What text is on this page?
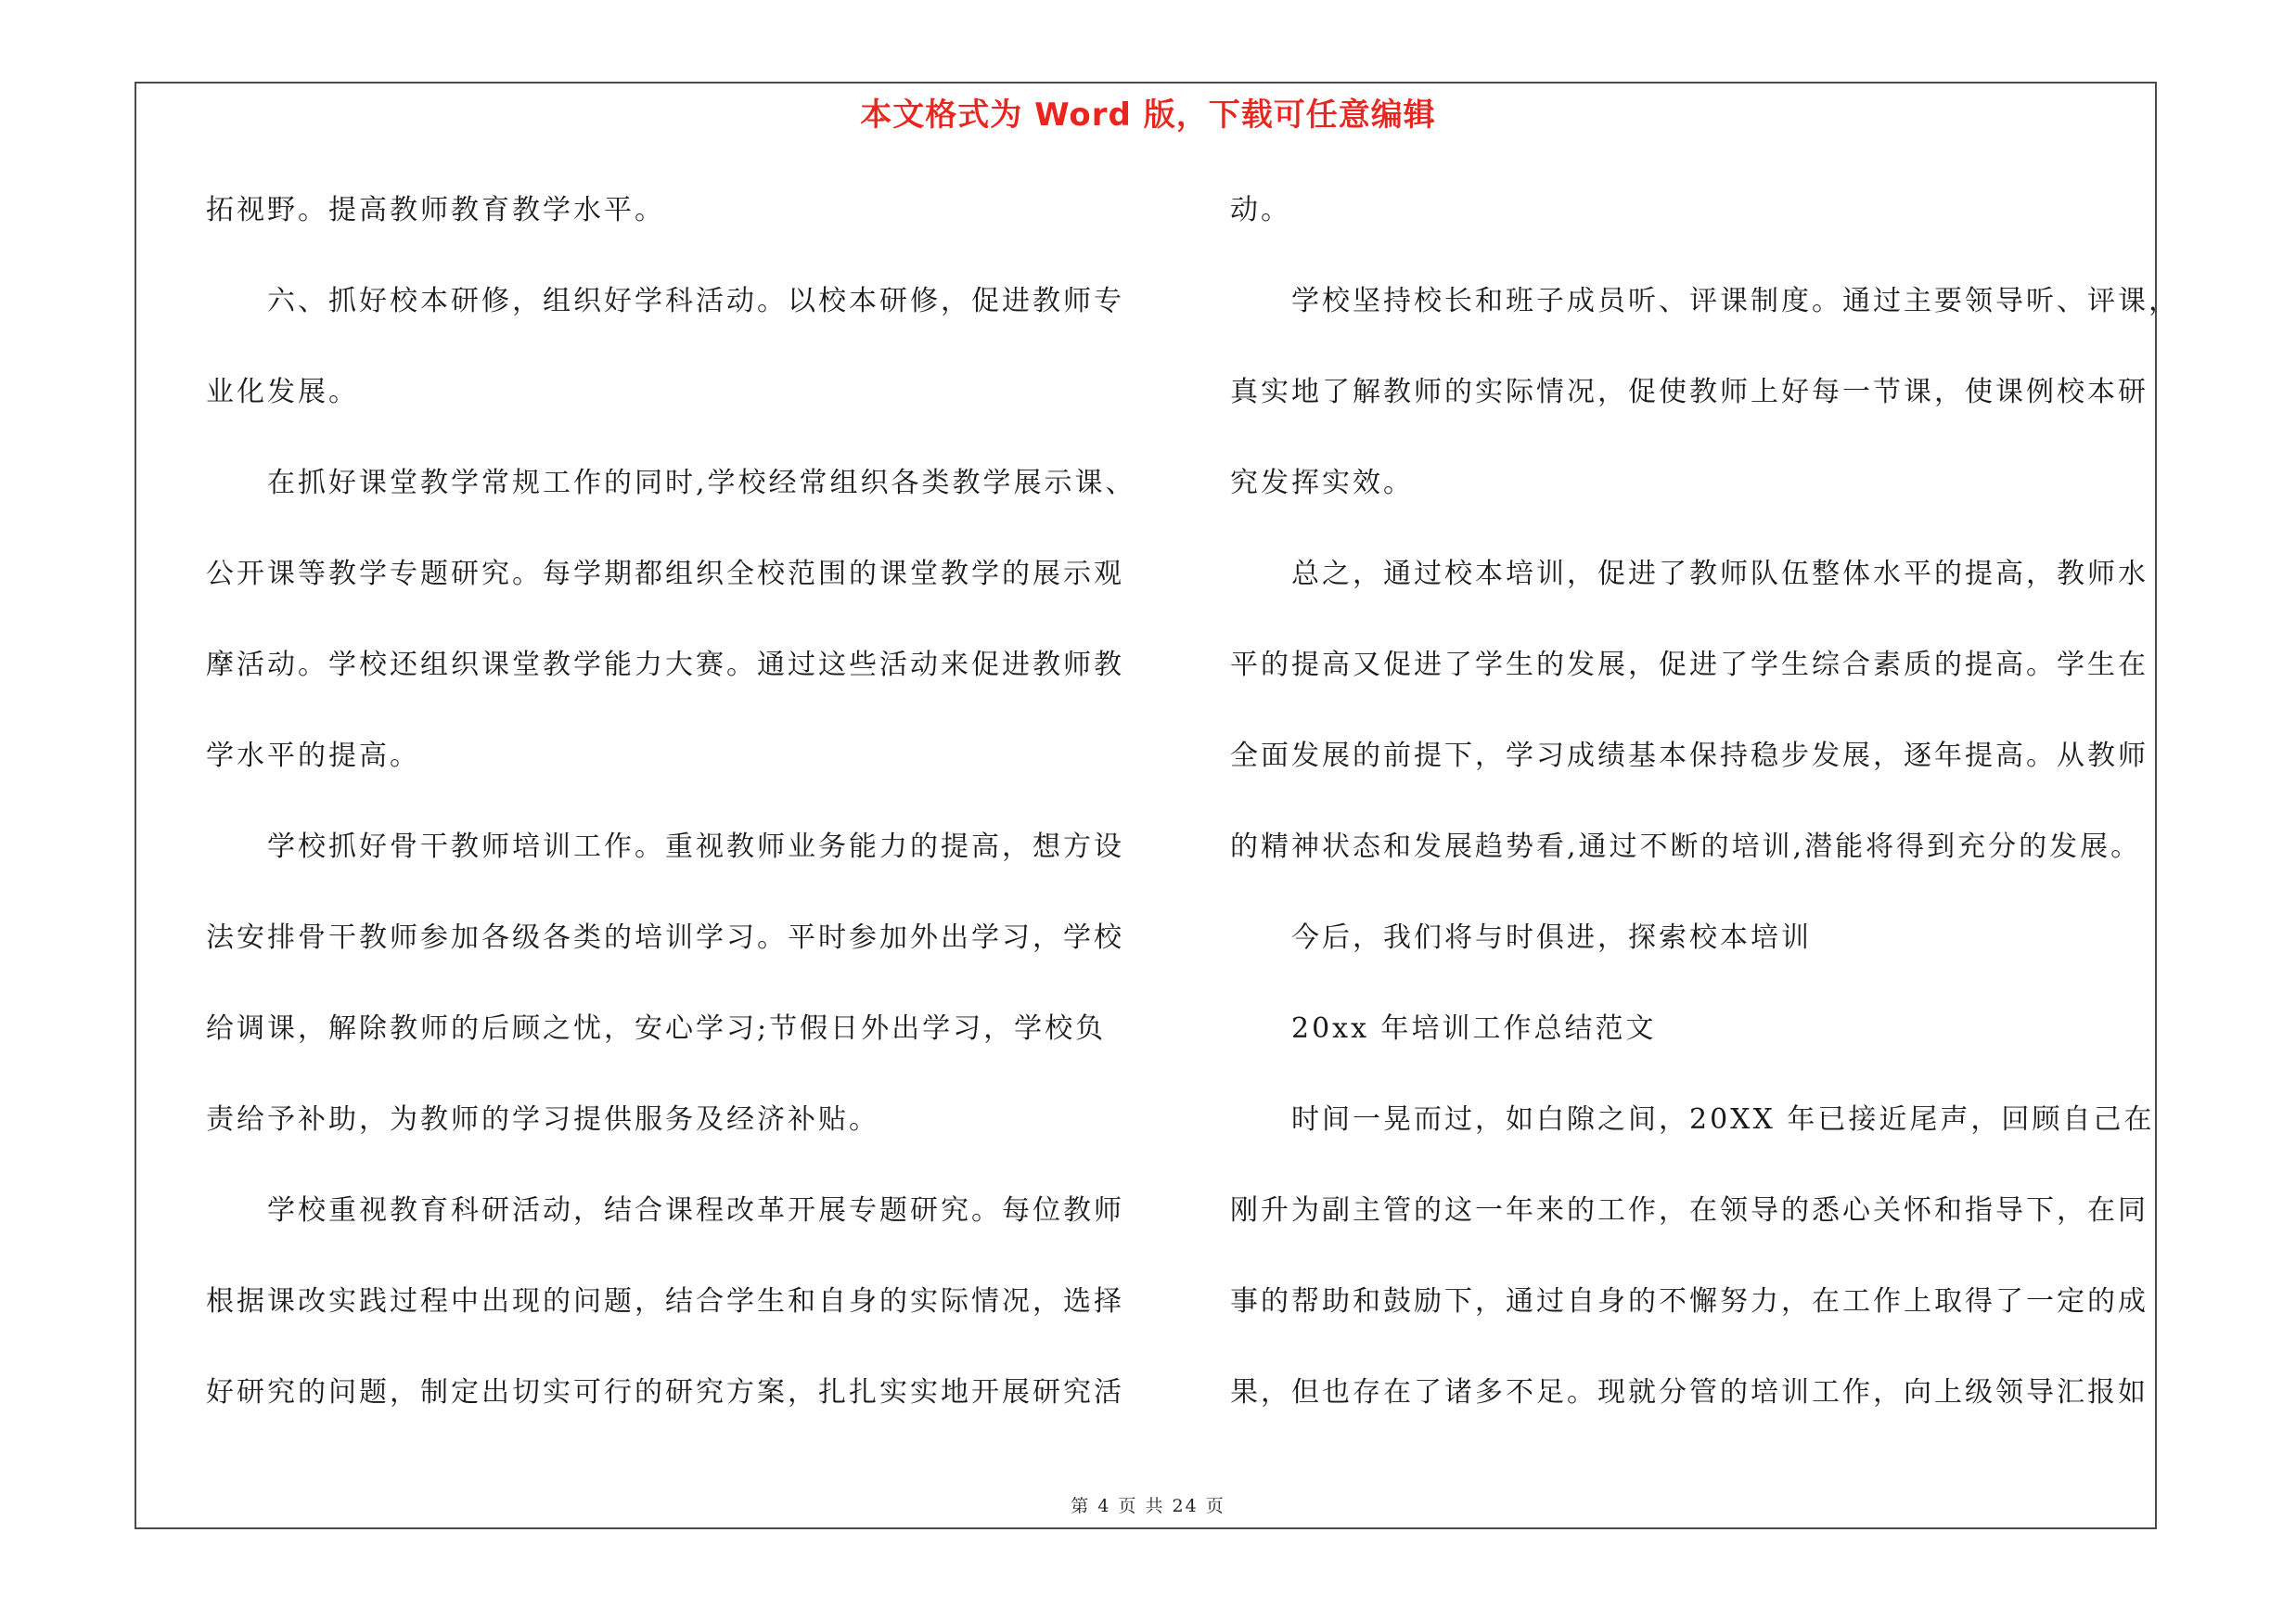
本文格式为 Word 版，下载可任意编辑
拓视野。提高教师教育教学水平。
六、抓好校本研修，组织好学科活动。以校本研修，促进教师专
业化发展。
在抓好课堂教学常规工作的同时,学校经常组织各类教学展示课、
公开课等教学专题研究。每学期都组织全校范围的课堂教学的展示观
摩活动。学校还组织课堂教学能力大赛。通过这些活动来促进教师教
学水平的提高。
学校抓好骨干教师培训工作。重视教师业务能力的提高，想方设
法安排骨干教师参加各级各类的培训学习。平时参加外出学习，学校
给调课，解除教师的后顾之忧，安心学习;节假日外出学习，学校负
责给予补助，为教师的学习提供服务及经济补贴。
学校重视教育科研活动，结合课程改革开展专题研究。每位教师
根据课改实践过程中出现的问题，结合学生和自身的实际情况，选择
好研究的问题，制定出切实可行的研究方案，扎扎实实地开展研究活
动。
学校坚持校长和班子成员听、评课制度。通过主要领导听、评课，
真实地了解教师的实际情况，促使教师上好每一节课，使课例校本研
究发挥实效。
总之，通过校本培训，促进了教师队伍整体水平的提高，教师水
平的提高又促进了学生的发展，促进了学生综合素质的提高。学生在
全面发展的前提下，学习成绩基本保持稳步发展，逐年提高。从教师
的精神状态和发展趋势看,通过不断的培训,潜能将得到充分的发展。
今后，我们将与时俱进，探索校本培训
20xx 年培训工作总结范文
时间一晃而过，如白隙之间，20XX 年已接近尾声，回顾自己在
刚升为副主管的这一年来的工作，在领导的悉心关怀和指导下，在同
事的帮助和鼓励下，通过自身的不懈努力，在工作上取得了一定的成
果，但也存在了诸多不足。现就分管的培训工作，向上级领导汇报如
第 4 页 共 24 页
